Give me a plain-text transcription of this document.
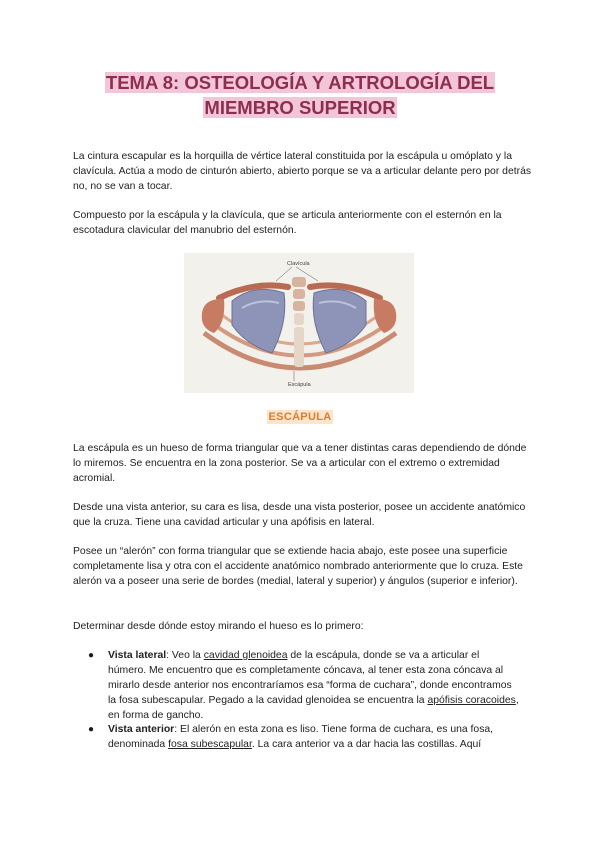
TEMA 8: OSTEOLOGÍA Y ARTROLOGÍA DEL
MIEMBRO SUPERIOR
La cintura escapular es la horquilla de vértice lateral constituida por la escápula u omóplato y la clavícula. Actúa a modo de cinturón abierto, abierto porque se va a articular delante pero por detrás no, no se van a tocar.
Compuesto por la escápula y la clavícula, que se articula anteriormente con el esternón en la escotadura clavicular del manubrio del esternón.
Clavícula
Escápula
ESCÁPULA
La escápula es un hueso de forma triangular que va a tener distintas caras dependiendo de dónde lo miremos. Se encuentra en la zona posterior. Se va a articular con el extremo o extremidad acromial.
Desde una vista anterior, su cara es lisa, desde una vista posterior, posee un accidente anatómico que la cruza. Tiene una cavidad articular y una apófisis en lateral.
Posee un “alerón” con forma triangular que se extiende hacia abajo, este posee una superficie completamente lisa y otra con el accidente anatómico nombrado anteriormente que lo cruza. Este alerón va a poseer una serie de bordes (medial, lateral y superior) y ángulos (superior e inferior).
Determinar desde dónde estoy mirando el hueso es lo primero:
● Vista lateral: Veo la cavidad glenoidea de la escápula, donde se va a articular el húmero. Me encuentro que es completamente cóncava, al tener esta zona cóncava al mirarlo desde anterior nos encontraríamos esa “forma de cuchara”, donde encontramos la fosa subescapular. Pegado a la cavidad glenoidea se encuentra la apófisis coracoides, en forma de gancho.
● Vista anterior: El alerón en esta zona es liso. Tiene forma de cuchara, es una fosa, denominada fosa subescapular. La cara anterior va a dar hacia las costillas. Aquí
